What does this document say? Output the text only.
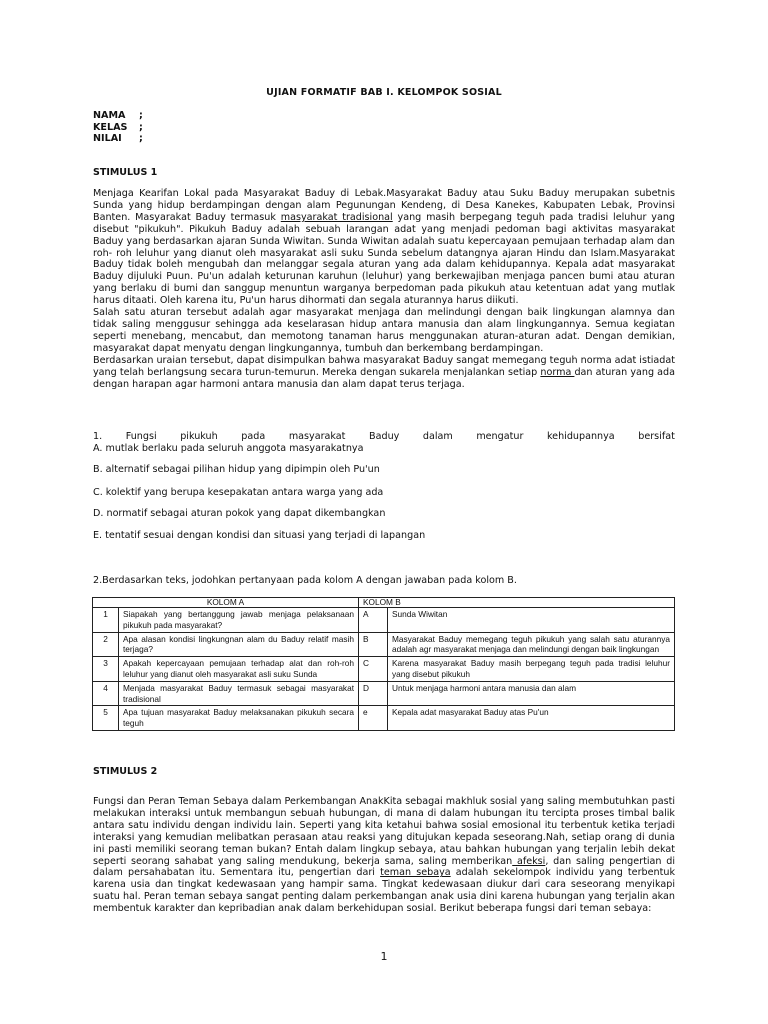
UJIAN FORMATIF BAB I. KELOMPOK SOSIAL
NAMA	;
KELAS	;
NILAI	;
STIMULUS 1

Menjaga Kearifan Lokal pada Masyarakat Baduy di Lebak.Masyarakat Baduy atau Suku Baduy merupakan subetnis Sunda yang hidup berdampingan dengan alam Pegunungan Kendeng, di Desa Kanekes, Kabupaten Lebak, Provinsi Banten. Masyarakat Baduy termasuk masyarakat tradisional yang masih berpegang teguh pada tradisi leluhur yang disebut "pikukuh". Pikukuh Baduy adalah sebuah larangan adat yang menjadi pedoman bagi aktivitas masyarakat Baduy yang berdasarkan ajaran Sunda Wiwitan. Sunda Wiwitan adalah suatu kepercayaan pemujaan terhadap alam dan roh- roh leluhur yang dianut oleh masyarakat asli suku Sunda sebelum datangnya ajaran Hindu dan Islam.Masyarakat Baduy tidak boleh mengubah dan melanggar segala aturan yang ada dalam kehidupannya. Kepala adat masyarakat Baduy dijuluki Puun. Pu'un adalah keturunan karuhun (leluhur) yang berkewajiban menjaga pancen bumi atau aturan yang berlaku di bumi dan sanggup menuntun warganya berpedoman pada pikukuh atau ketentuan adat yang mutlak harus ditaati. Oleh karena itu, Pu'un harus dihormati dan segala aturannya harus diikuti.

Salah satu aturan tersebut adalah agar masyarakat menjaga dan melindungi dengan baik lingkungan alamnya dan tidak saling menggusur sehingga ada keselarasan hidup antara manusia dan alam lingkungannya. Semua kegiatan seperti menebang, mencabut, dan memotong tanaman harus menggunakan aturan-aturan adat. Dengan demikian, masyarakat dapat menyatu dengan lingkungannya, tumbuh dan berkembang berdampingan.

Berdasarkan uraian tersebut, dapat disimpulkan bahwa masyarakat Baduy sangat memegang teguh norma adat istiadat yang telah berlangsung secara turun-temurun. Mereka dengan sukarela menjalankan setiap norma dan aturan yang ada dengan harapan agar harmoni antara manusia dan alam dapat terus terjaga.

1. Fungsi pikukuh pada masyarakat Baduy dalam mengatur kehidupannya bersifat
A. mutlak berlaku pada seluruh anggota masyarakatnya
B. alternatif sebagai pilihan hidup yang dipimpin oleh Pu'un
C. kolektif yang berupa kesepakatan antara warga yang ada
D. normatif sebagai aturan pokok yang dapat dikembangkan
E. tentatif sesuai dengan kondisi dan situasi yang terjadi di lapangan
2.Berdasarkan teks, jodohkan pertanyaan pada kolom A dengan jawaban pada kolom B.
KOLOM A		KOLOM B	
1	Siapakah yang bertanggung jawab menjaga pelaksanaan pikukuh pada masyarakat?	A	Sunda Wiwitan
2	Apa alasan kondisi lingkungnan alam du Baduy relatif masih terjaga?	B	Masyarakat Baduy memegang teguh pikukuh yang salah satu aturannya adalah agr masyarakat menjaga dan melindungi dengan baik lingkungan
3	Apakah kepercayaan pemujaan terhadap alat dan roh-roh leluhur yang dianut oleh masyarakat asli suku Sunda	C	Karena masyarakat Baduy masih berpegang teguh pada tradisi leluhur yang disebut pikukuh
4	Menjada masyarakat Baduy termasuk sebagai masyarakat tradisional	D	Untuk menjaga harmoni antara manusia dan alam
5	Apa tujuan masyarakat Baduy melaksanakan pikukuh secara teguh	e	Kepala adat masyarakat Baduy atas Pu'un
STIMULUS 2

Fungsi dan Peran Teman Sebaya dalam Perkembangan AnakKita sebagai makhluk sosial yang saling membutuhkan pasti melakukan interaksi untuk membangun sebuah hubungan, di mana di dalam hubungan itu tercipta proses timbal balik antara satu individu dengan individu lain. Seperti yang kita ketahui bahwa sosial emosional itu terbentuk ketika terjadi interaksi yang kemudian melibatkan perasaan atau reaksi yang ditujukan kepada seseorang.Nah, setiap orang di dunia ini pasti memiliki seorang teman bukan? Entah dalam lingkup sebaya, atau bahkan hubungan yang terjalin lebih dekat seperti seorang sahabat yang saling mendukung, bekerja sama, saling memberikan afeksi, dan saling pengertian di dalam persahabatan itu. Sementara itu, pengertian dari teman sebaya adalah sekelompok individu yang terbentuk karena usia dan tingkat kedewasaan yang hampir sama. Tingkat kedewasaan diukur dari cara seseorang menyikapi suatu hal. Peran teman sebaya sangat penting dalam perkembangan anak usia dini karena hubungan yang terjalin akan membentuk karakter dan kepribadian anak dalam berkehidupan sosial. Berikut beberapa fungsi dari teman sebaya:

1
